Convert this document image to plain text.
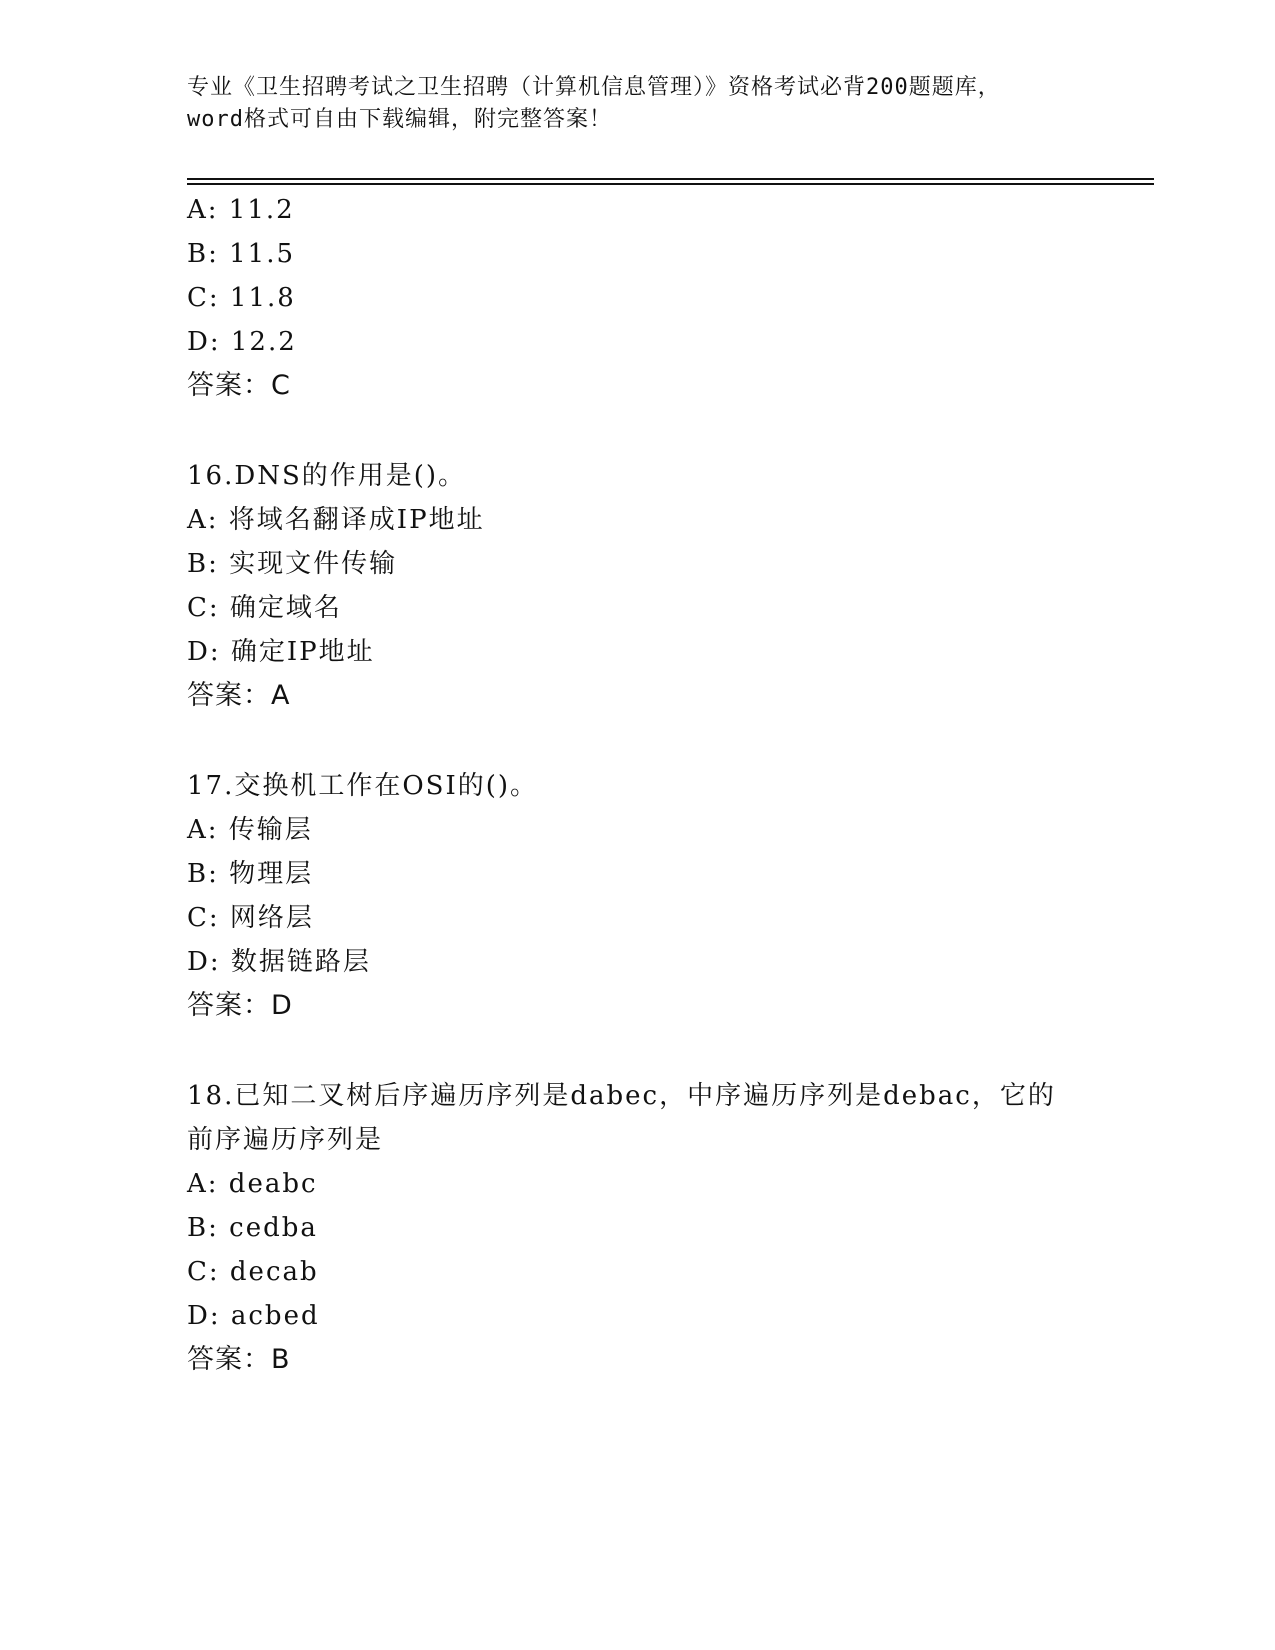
专业《卫生招聘考试之卫生招聘（计算机信息管理）》资格考试必背200题题库，
word格式可自由下载编辑，附完整答案！
A: 11.2
B: 11.5
C: 11.8
D: 12.2
答案：C
16.DNS的作用是()。
A: 将域名翻译成IP地址
B: 实现文件传输
C: 确定域名
D: 确定IP地址
答案：A
17.交换机工作在OSI的()。
A: 传输层
B: 物理层
C: 网络层
D: 数据链路层
答案：D
18.已知二叉树后序遍历序列是dabec，中序遍历序列是debac，它的
前序遍历序列是
A: deabc
B: cedba
C: decab
D: acbed
答案：B
